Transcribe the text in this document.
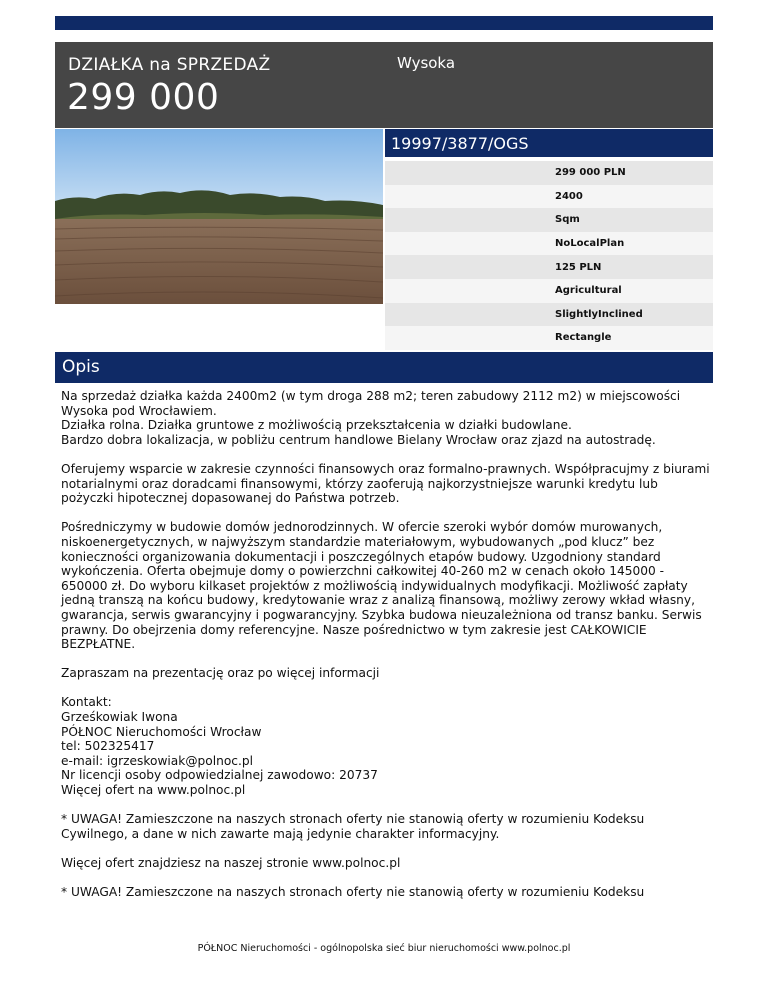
DZIAŁKA na SPRZEDAŻ
299 000
Wysoka
19997/3877/OGS
299 000 PLN
2400
Sqm
NoLocalPlan
125 PLN
Agricultural
SlightlyInclined
Rectangle
Opis

Na sprzedaż działka każda 2400m2 (w tym droga 288 m2; teren zabudowy 2112 m2) w miejscowości Wysoka pod Wrocławiem.
Działka rolna. Działka gruntowe z możliwością przekształcenia w działki budowlane.
Bardzo dobra lokalizacja, w pobliżu centrum handlowe Bielany Wrocław oraz zjazd na autostradę.

Oferujemy wsparcie w zakresie czynności finansowych oraz formalno-prawnych. Współpracujmy z biurami notarialnymi oraz doradcami finansowymi, którzy zaoferują najkorzystniejsze warunki kredytu lub pożyczki hipotecznej dopasowanej do Państwa potrzeb.

Pośredniczymy w budowie domów jednorodzinnych. W ofercie szeroki wybór domów murowanych, niskoenergetycznych, w najwyższym standardzie materiałowym, wybudowanych „pod klucz” bez konieczności organizowania dokumentacji i poszczególnych etapów budowy. Uzgodniony standard wykończenia. Oferta obejmuje domy o powierzchni całkowitej 40-260 m2 w cenach około 145000 - 650000 zł. Do wyboru kilkaset projektów z możliwością indywidualnych modyfikacji. Możliwość zapłaty jedną transzą na końcu budowy, kredytowanie wraz z analizą finansową, możliwy zerowy wkład własny, gwarancja, serwis gwarancyjny i pogwarancyjny. Szybka budowa nieuzależniona od transz banku. Serwis prawny. Do obejrzenia domy referencyjne. Nasze pośrednictwo w tym zakresie jest CAŁKOWICIE BEZPŁATNE.

Zapraszam na prezentację oraz po więcej informacji

Kontakt:
Grześkowiak Iwona
PÓŁNOC Nieruchomości Wrocław
tel: 502325417
e-mail: igrzeskowiak@polnoc.pl
Nr licencji osoby odpowiedzialnej zawodowo: 20737
Więcej ofert na www.polnoc.pl

* UWAGA! Zamieszczone na naszych stronach oferty nie stanowią oferty w rozumieniu Kodeksu Cywilnego, a dane w nich zawarte mają jedynie charakter informacyjny.

Więcej ofert znajdziesz na naszej stronie www.polnoc.pl

* UWAGA! Zamieszczone na naszych stronach oferty nie stanowią oferty w rozumieniu Kodeksu

PÓŁNOC Nieruchomości - ogólnopolska sieć biur nieruchomości www.polnoc.pl
